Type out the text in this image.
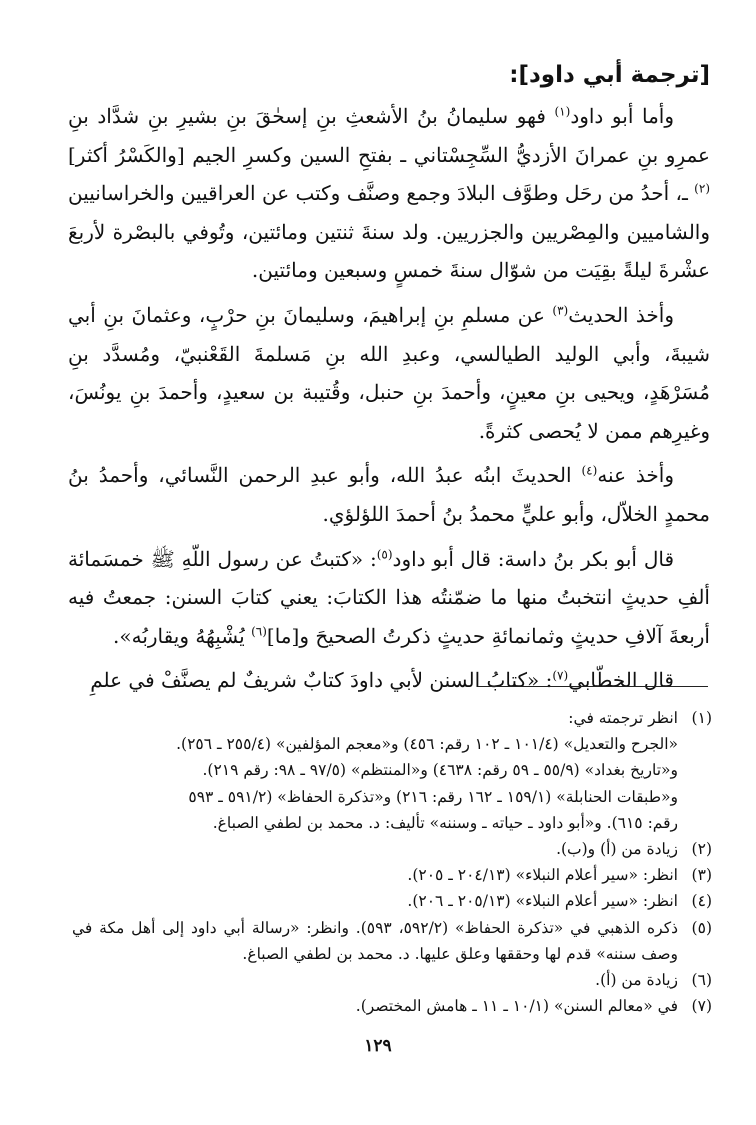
[ترجمة أبي داود]:

وأما أبو داود$^{(١)}$ فهو سليمانُ بنُ الأشعثِ بنِ إسحٰقَ بنِ بشيرِ بنِ شدَّاد بنِ عمرِو بنِ عمرانَ الأزديُّ السِّجِسْتاني ـ بفتحِ السين وكسرِ الجيم [والكَسْرُ أكثر]$^{(٢)}$ ـ، أحدُ من رحَل وطوَّف البلادَ وجمع وصنَّف وكتب عن العراقيين والخراسانيين والشاميين والمِصْريين والجزريين. ولد سنةَ ثنتين ومائتين، وتُوفي بالبصْرة لأربعَ عشْرةَ ليلةً بقِيَت من شوّال سنةَ خمسٍ وسبعين ومائتين.

وأخذ الحديث$^{(٣)}$ عن مسلمِ بنِ إبراهيمَ، وسليمانَ بنِ حرْبٍ، وعثمانَ بنِ أبي شيبةَ، وأبي الوليد الطيالسي، وعبدِ الله بنِ مَسلمةَ القَعْنبيّ، ومُسدَّد بنِ مُسَرْهَدٍ، ويحيى بنِ معينٍ، وأحمدَ بنِ حنبل، وقُتيبة بن سعيدٍ، وأحمدَ بنِ يونُسَ، وغيرِهم ممن لا يُحصى كثرةً.

وأخذ عنه$^{(٤)}$ الحديثَ ابنُه عبدُ الله، وأبو عبدِ الرحمن النَّسائي، وأحمدُ بنُ محمدٍ الخلاّل، وأبو عليٍّ محمدُ بنُ أحمدَ اللؤلؤي.

قال أبو بكر بنُ داسة: قال أبو داود$^{(٥)}$: «كتبتُ عن رسول اللّهِ ﷺ خمسَمائة ألفِ حديثٍ انتخبتُ منها ما ضمّنتُه هذا الكتابَ: يعني كتابَ السنن: جمعتُ فيه أربعةَ آلافِ حديثٍ وثمانمائةِ حديثٍ ذكرتُ الصحيحَ و[ما]$^{(٦)}$ يُشْبِهُهُ ويقاربُه».

قال الخطّابي$^{(٧)}$: «كتابُ السنن لأبي داودَ كتابٌ شريفٌ لم يصنَّفْ في علمِ

(١)
انظر ترجمته في:
«الجرح والتعديل» (١٠١/٤ ـ ١٠٢ رقم: ٤٥٦) و«معجم المؤلفين» (٢٥٥/٤ ـ ٢٥٦).
و«تاريخ بغداد» (٥٥/٩ ـ ٥٩ رقم: ٤٦٣٨) و«المنتظم» (٩٧/٥ ـ ٩٨: رقم ٢١٩).
و«طبقات الحنابلة» (١٥٩/١ ـ ١٦٢ رقم: ٢١٦) و«تذكرة الحفاظ» (٥٩١/٢ ـ ٥٩٣
رقم: ٦١٥). و«أبو داود ـ حياته ـ وسننه» تأليف: د. محمد بن لطفي الصباغ.
(٢)
زيادة من (أ) و(ب).
(٣)
انظر: «سير أعلام النبلاء» (٢٠٤/١٣ ـ ٢٠٥).
(٤)
انظر: «سير أعلام النبلاء» (٢٠٥/١٣ ـ ٢٠٦).
(٥)
ذكره الذهبي في «تذكرة الحفاظ» (٥٩٢/٢، ٥٩٣). وانظر: «رسالة أبي داود إلى أهل مكة في وصف سننه» قدم لها وحققها وعلق عليها. د. محمد بن لطفي الصباغ.
(٦)
زيادة من (أ).
(٧)
في «معالم السنن» (١٠/١ ـ ١١ ـ هامش المختصر).
١٢٩
